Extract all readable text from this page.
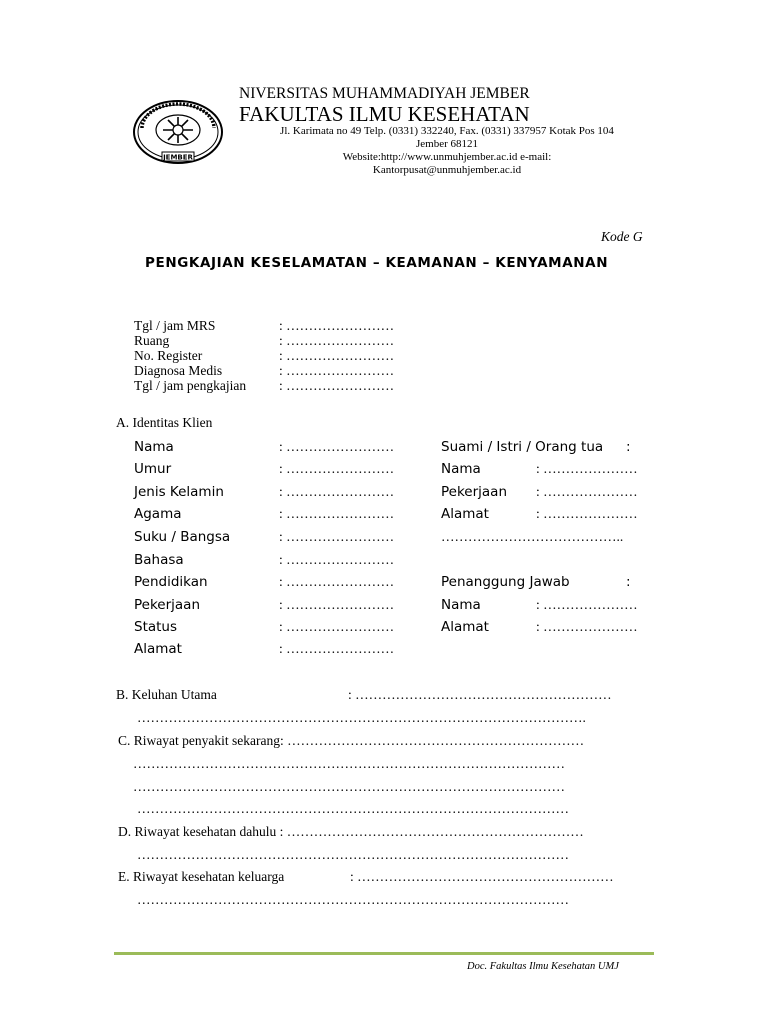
JEMBER
NIVERSITAS MUHAMMADIYAH JEMBER
FAKULTAS ILMU KESEHATAN
Jl. Karimata no 49 Telp. (0331) 332240, Fax. (0331) 337957 Kotak Pos 104
Jember 68121
Website:http://www.unmuhjember.ac.id e-mail:
Kantorpusat@unmuhjember.ac.id
Kode G
PENGKAJIAN KESELAMATAN – KEAMANAN – KENYAMANAN
Tgl / jam MRS	: ……………………
Ruang	: ……………………
No. Register	: ……………………
Diagnosa Medis	: ……………………
Tgl / jam pengkajian : ……………………
A. Identitas Klien
Nama	: ……………………
Umur	: ……………………
Jenis Kelamin	: ……………………
Agama	: ……………………
Suku / Bangsa	: ……………………
Bahasa	: ……………………
Pendidikan	: ……………………
Pekerjaan	: ……………………
Status	: ……………………
Alamat	: ……………………
Suami / Istri / Orang tua :
Nama	: …………………
Pekerjaan : …………………
Alamat	: …………………
…………………………………..
Penanggung Jawab	:
Nama	: …………………
Alamat	: …………………
B. Keluhan Utama	: …………………………………………………
……………………………………………………………………………………….
C. Riwayat penyakit sekarang: …………………………………………………………
……………………………………………………………………………………
……………………………………………………………………………………
……………………………………………………………………………………
D. Riwayat kesehatan dahulu : …………………………………………………………
……………………………………………………………………………………
E. Riwayat kesehatan keluarga	: …………………………………………………
……………………………………………………………………………………
Doc. Fakultas Ilmu Kesehatan UMJ
